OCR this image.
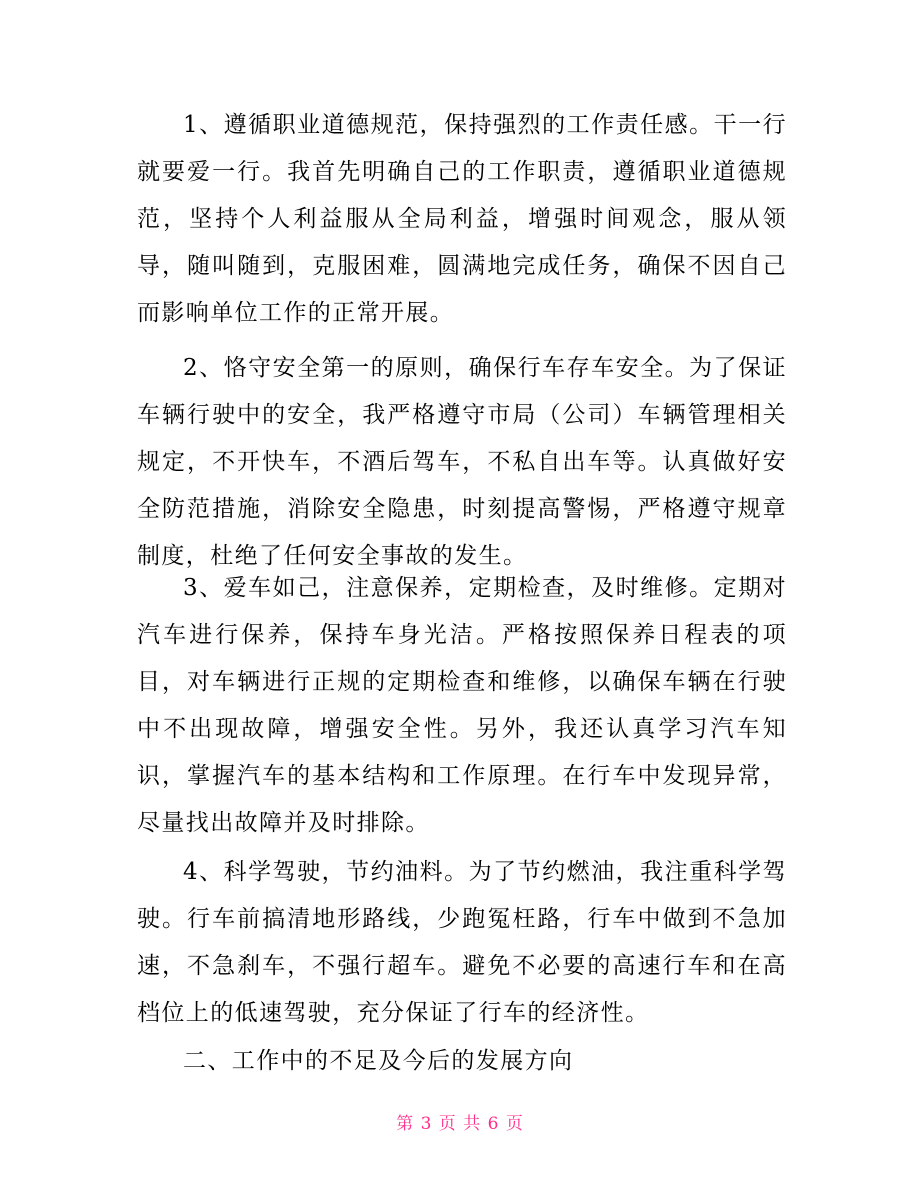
1、遵循职业道德规范，保持强烈的工作责任感。干一行就要爱一行。我首先明确自己的工作职责，遵循职业道德规范，坚持个人利益服从全局利益，增强时间观念，服从领导，随叫随到，克服困难，圆满地完成任务，确保不因自己而影响单位工作的正常开展。

2、恪守安全第一的原则，确保行车存车安全。为了保证车辆行驶中的安全，我严格遵守市局（公司）车辆管理相关规定，不开快车，不酒后驾车，不私自出车等。认真做好安全防范措施，消除安全隐患，时刻提高警惕，严格遵守规章制度，杜绝了任何安全事故的发生。

3、爱车如己，注意保养，定期检查，及时维修。定期对汽车进行保养，保持车身光洁。严格按照保养日程表的项目，对车辆进行正规的定期检查和维修，以确保车辆在行驶中不出现故障，增强安全性。另外，我还认真学习汽车知识，掌握汽车的基本结构和工作原理。在行车中发现异常，尽量找出故障并及时排除。

4、科学驾驶，节约油料。为了节约燃油，我注重科学驾驶。行车前搞清地形路线，少跑冤枉路，行车中做到不急加速，不急刹车，不强行超车。避免不必要的高速行车和在高档位上的低速驾驶，充分保证了行车的经济性。

二、工作中的不足及今后的发展方向

第 3 页 共 6 页
